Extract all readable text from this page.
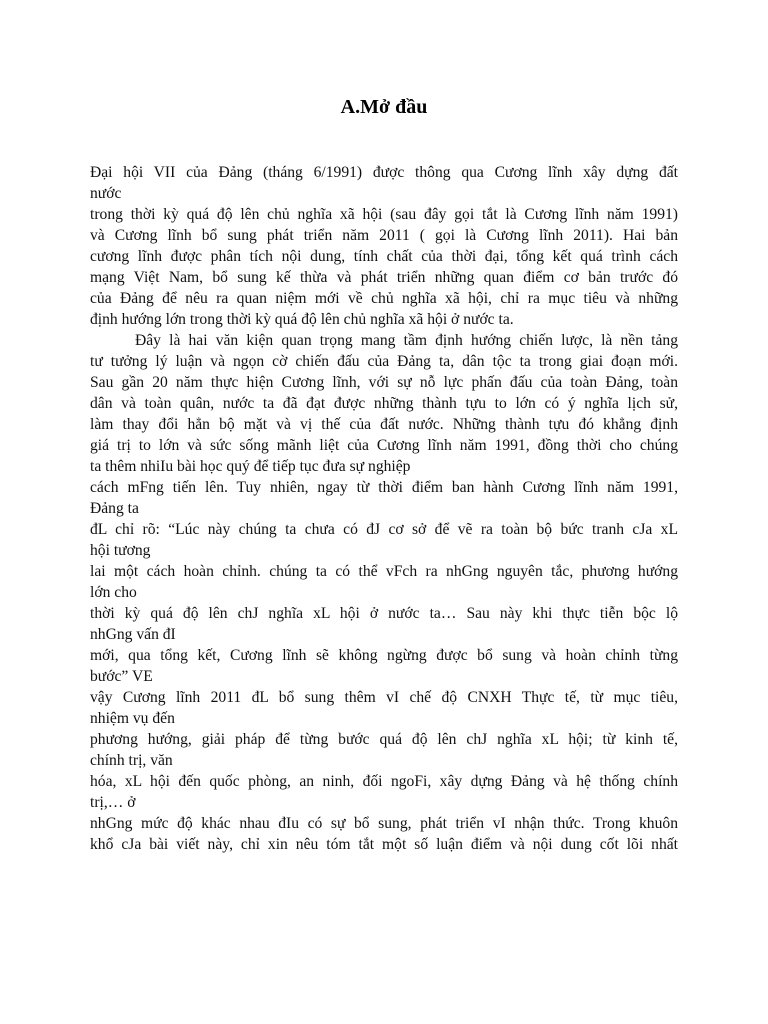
A.Mở đầu
Đại hội VII của Đảng (tháng 6/1991) được thông qua Cương lĩnh xây dựng đất
nước
trong thời kỳ quá độ lên chủ nghĩa xã hội (sau đây gọi tắt là Cương lĩnh năm 1991)
và Cương lĩnh bổ sung phát triển năm 2011 ( gọi là Cương lĩnh 2011). Hai bản
cương lĩnh được phân tích nội dung, tính chất của thời đại, tổng kết quá trình cách
mạng Việt Nam, bổ sung kế thừa và phát triển những quan điểm cơ bản trước đó
của Đảng để nêu ra quan niệm mới về chủ nghĩa xã hội, chỉ ra mục tiêu và những
định hướng lớn trong thời kỳ quá độ lên chủ nghĩa xã hội ở nước ta.
Đây là hai văn kiện quan trọng mang tầm định hướng chiến lược, là nền tảng
tư tưởng lý luận và ngọn cờ chiến đấu của Đảng ta, dân tộc ta trong giai đoạn mới.
Sau gần 20 năm thực hiện Cương lĩnh, với sự nỗ lực phấn đấu của toàn Đảng, toàn
dân và toàn quân, nước ta đã đạt được những thành tựu to lớn có ý nghĩa lịch sử,
làm thay đổi hẳn bộ mặt và vị thế của đất nước. Những thành tựu đó khẳng định
giá trị to lớn và sức sống mãnh liệt của Cương lĩnh năm 1991, đồng thời cho chúng
ta thêm nhiIu bài học quý để tiếp tục đưa sự nghiệp
cách mFng tiến lên. Tuy nhiên, ngay từ thời điểm ban hành Cương lĩnh năm 1991,
Đảng ta
đL chỉ rõ: “Lúc này chúng ta chưa có đJ cơ sở để vẽ ra toàn bộ bức tranh cJa xL
hội tương
lai một cách hoàn chỉnh. chúng ta có thể vFch ra nhGng nguyên tắc, phương hướng
lớn cho
thời kỳ quá độ lên chJ nghĩa xL hội ở nước ta… Sau này khi thực tiễn bộc lộ
nhGng vấn đI
mới, qua tổng kết, Cương lĩnh sẽ không ngừng được bổ sung và hoàn chỉnh từng
bước” VE
vậy Cương lĩnh 2011 đL bổ sung thêm vI chế độ CNXH Thực tế, từ mục tiêu,
nhiệm vụ đến
phương hướng, giải pháp để từng bước quá độ lên chJ nghĩa xL hội; từ kinh tế,
chính trị, văn
hóa, xL hội đến quốc phòng, an ninh, đối ngoFi, xây dựng Đảng và hệ thống chính
trị,… ở
nhGng mức độ khác nhau đIu có sự bổ sung, phát triển vI nhận thức. Trong khuôn
khổ cJa bài viết này, chỉ xin nêu tóm tắt một số luận điểm và nội dung cốt lõi nhất
